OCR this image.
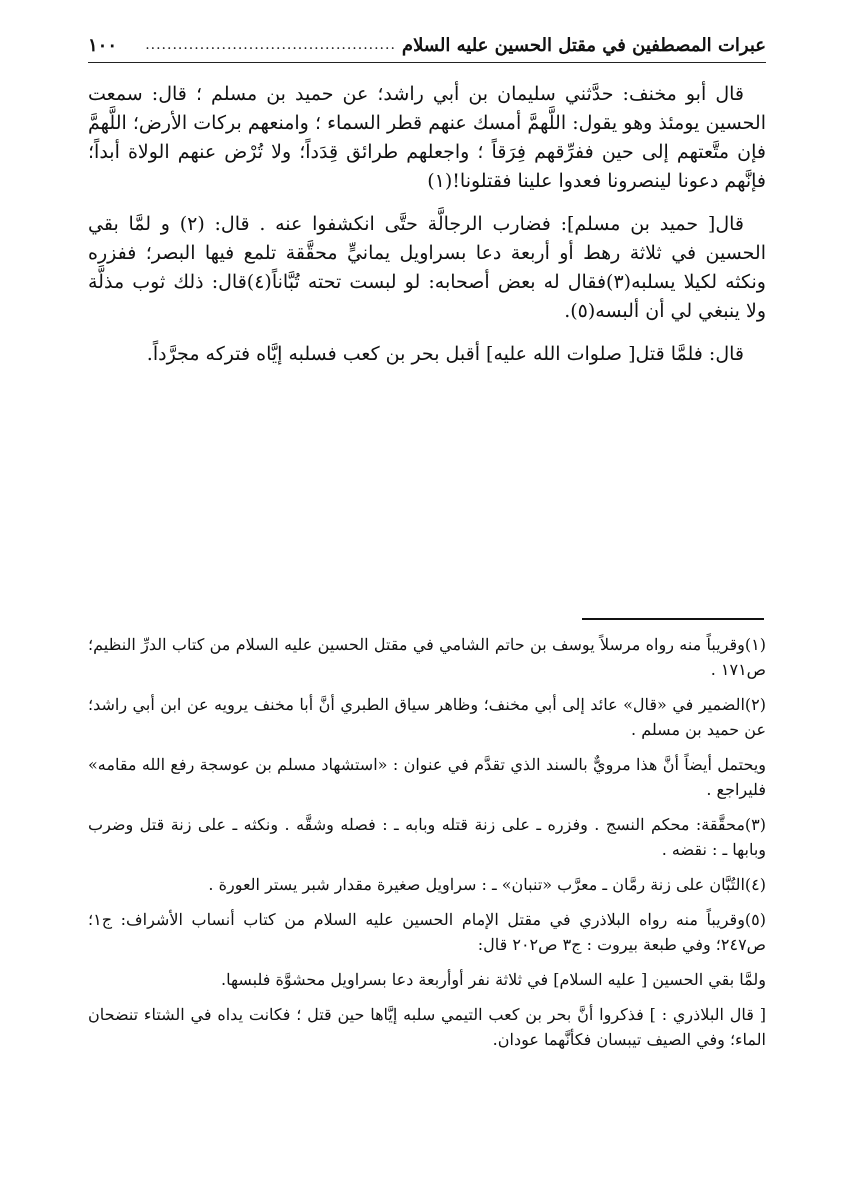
عبرات المصطفين في مقتل الحسين عليه السلام
..............................................
١٠٠

قال أبو مخنف: حدَّثني سليمان بن أبي راشد؛ عن حميد بن مسلم ؛ قال: سمعت الحسين يومئذ وهو يقول: اللَّهمَّ أمسك عنهم قطر السماء ؛ وامنعهم بركات الأرض؛ اللَّهمَّ فإن متَّعتهم إلى حين ففرِّقهم فِرَقاً ؛ واجعلهم طرائق قِدَداً؛ ولا تُرْض عنهم الولاة أبداً؛ فإنَّهم دعونا لينصرونا فعدوا علينا فقتلونا!(١)

قال[ حميد بن مسلم]: فضارب الرجالَّة حتَّى انكشفوا عنه . قال: (٢) و لمَّا بقي الحسين في ثلاثة رهط أو أربعة دعا بسراويل يمانيٍّ محقَّقة تلمع فيها البصر؛ ففزره ونكثه لكيلا يسلبه(٣)فقال له بعض أصحابه: لو لبست تحته تُبَّاناً(٤)قال: ذلك ثوب مذلَّة ولا ينبغي لي أن ألبسه(٥).

قال: فلمَّا قتل[ صلوات الله عليه] أقبل بحر بن كعب فسلبه إيَّاه فتركه مجرَّداً.

(١)وقريباً منه رواه مرسلاً يوسف بن حاتم الشامي في مقتل الحسين عليه السلام من كتاب الدرِّ النظيم؛ ص١٧١ .
(٢)الضمير في «قال» عائد إلى أبي مخنف؛ وظاهر سياق الطبري أنَّ أبا مخنف يرويه عن ابن أبي راشد؛ عن حميد بن مسلم .
ويحتمل أيضاً أنَّ هذا مرويٌّ بالسند الذي تقدَّم في عنوان : «استشهاد مسلم بن عوسجة رفع الله مقامه» فليراجع .
(٣)محقَّقة: محكم النسج . وفزره ـ على زنة قتله وبابه ـ : فصله وشقَّه . ونكثه ـ على زنة قتل وضرب وبابها ـ : نقضه .
(٤)التُبَّان على زنة رمَّان ـ معرَّب «تنبان» ـ : سراويل صغيرة مقدار شبر يستر العورة .
(٥)وقريباً منه رواه البلاذري في مقتل الإمام الحسين عليه السلام من كتاب أنساب الأشراف: ج١؛ ص٢٤٧؛ وفي طبعة بيروت : ج٣ ص٢٠٢ قال:
ولمَّا بقي الحسين [ عليه السلام] في ثلاثة نفر أوأربعة دعا بسراويل محشوَّة فلبسها.
[ قال البلاذري : ] فذكروا أنَّ بحر بن كعب التيمي سلبه إيَّاها حين قتل ؛ فكانت يداه في الشتاء تنضحان الماء؛ وفي الصيف تيبسان فكأنَّهما عودان.
